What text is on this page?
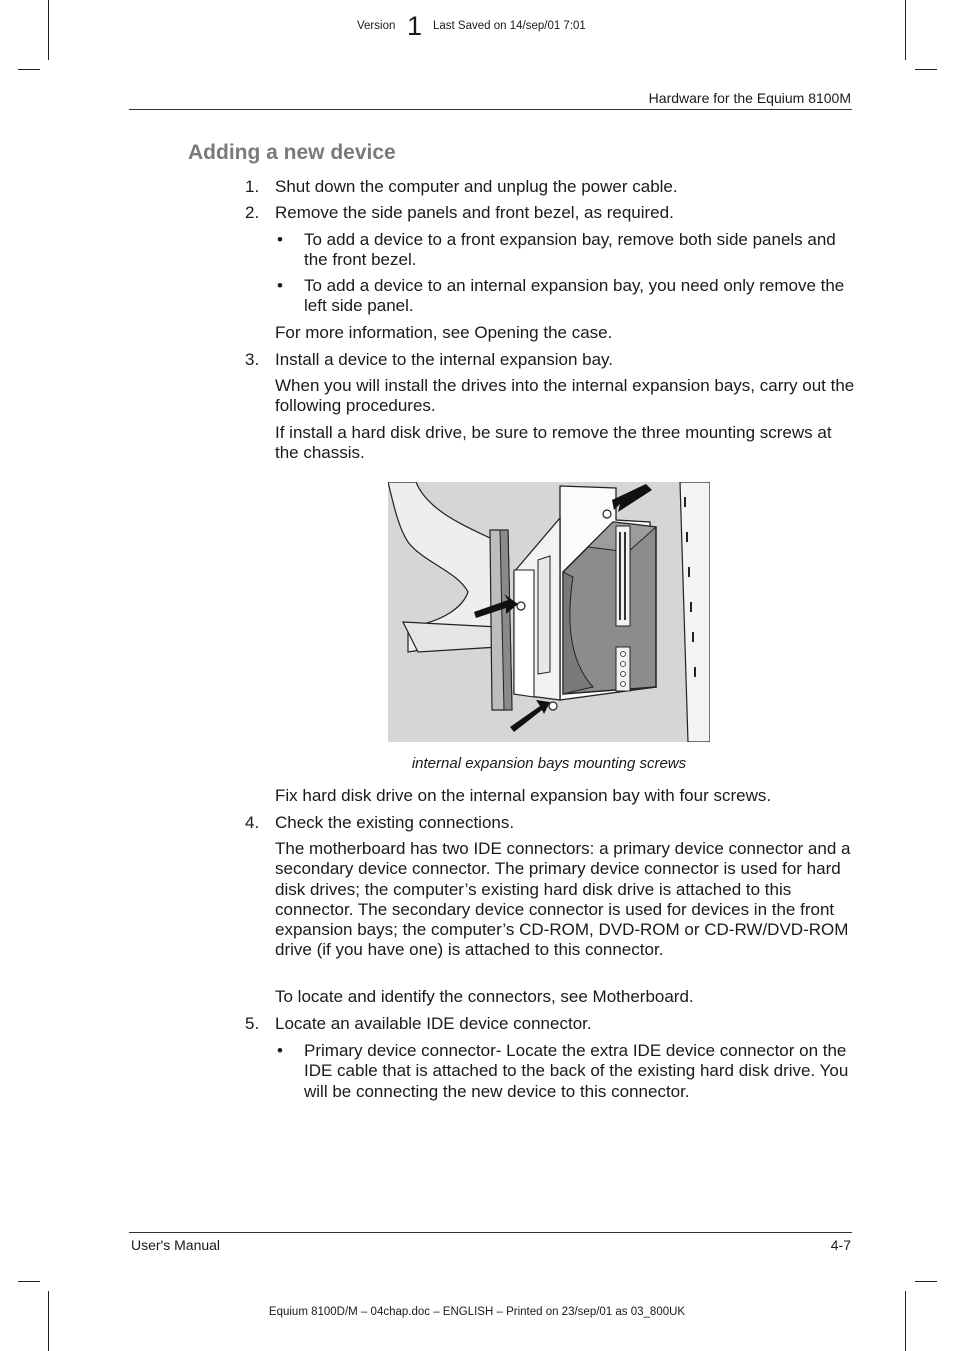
Version 1 Last Saved on 14/sep/01 7:01
Hardware for the Equium 8100M
Adding a new device
1. Shut down the computer and unplug the power cable.
2. Remove the side panels and front bezel, as required.
• To add a device to a front expansion bay, remove both side panels and the front bezel.
• To add a device to an internal expansion bay, you need only remove the left side panel.
For more information, see Opening the case.
3. Install a device to the internal expansion bay.
When you will install the drives into the internal expansion bays, carry out the following procedures.
If install a hard disk drive, be sure to remove the three mounting screws at the chassis.
internal expansion bays mounting screws
Fix hard disk drive on the internal expansion bay with four screws.
4. Check the existing connections.
The motherboard has two IDE connectors: a primary device connector and a secondary device connector. The primary device connector is used for hard disk drives; the computer’s existing hard disk drive is attached to this connector. The secondary device connector is used for devices in the front expansion bays; the computer’s CD-ROM, DVD-ROM or CD-RW/DVD-ROM drive (if you have one) is attached to this connector.
To locate and identify the connectors, see Motherboard.
5. Locate an available IDE device connector.
• Primary device connector- Locate the extra IDE device connector on the IDE cable that is attached to the back of the existing hard disk drive. You will be connecting the new device to this connector.
User's Manual	4-7
Equium 8100D/M – 04chap.doc – ENGLISH – Printed on 23/sep/01 as 03_800UK
